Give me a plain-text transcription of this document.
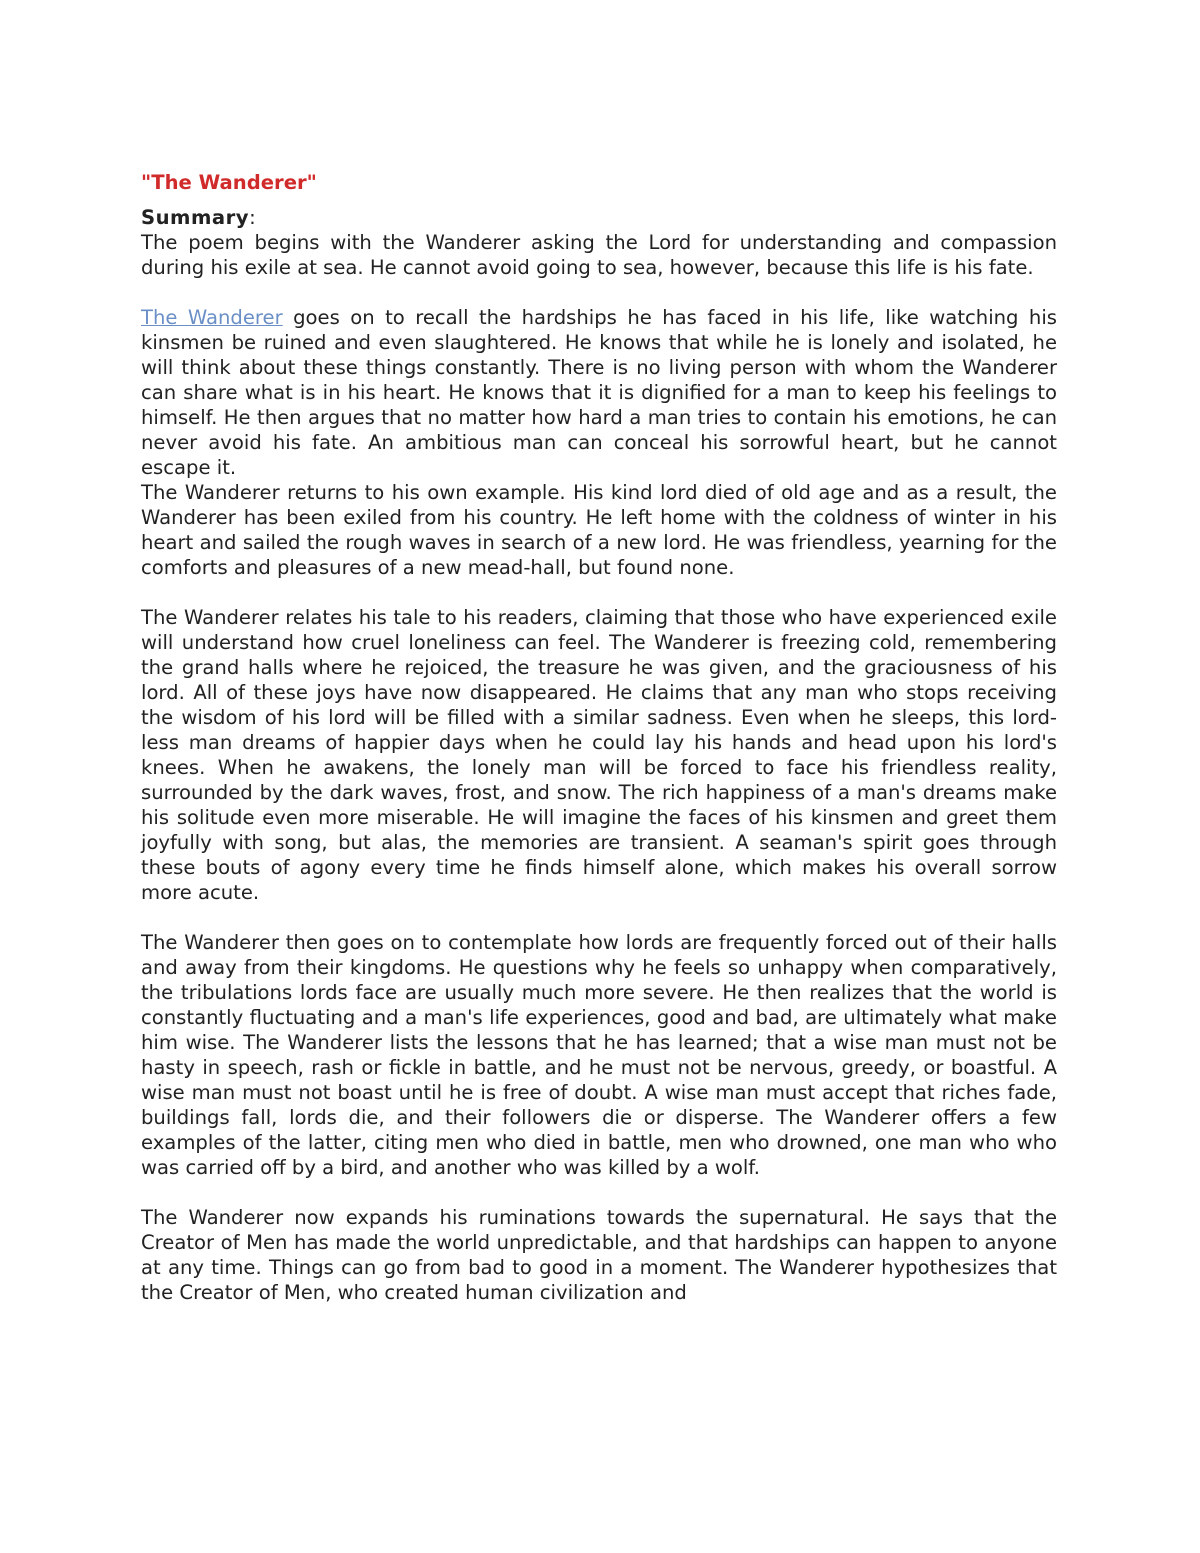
"The Wanderer"
Summary:

The poem begins with the Wanderer asking the Lord for understanding and compassion during his exile at sea. He cannot avoid going to sea, however, because this life is his fate.

The Wanderer goes on to recall the hardships he has faced in his life, like watching his kinsmen be ruined and even slaughtered. He knows that while he is lonely and isolated, he will think about these things constantly. There is no living person with whom the Wanderer can share what is in his heart. He knows that it is dignified for a man to keep his feelings to himself. He then argues that no matter how hard a man tries to contain his emotions, he can never avoid his fate. An ambitious man can conceal his sorrowful heart, but he cannot escape it.

The Wanderer returns to his own example. His kind lord died of old age and as a result, the Wanderer has been exiled from his country. He left home with the coldness of winter in his heart and sailed the rough waves in search of a new lord. He was friendless, yearning for the comforts and pleasures of a new mead-hall, but found none.

The Wanderer relates his tale to his readers, claiming that those who have experienced exile will understand how cruel loneliness can feel. The Wanderer is freezing cold, remembering the grand halls where he rejoiced, the treasure he was given, and the graciousness of his lord. All of these joys have now disappeared. He claims that any man who stops receiving the wisdom of his lord will be filled with a similar sadness. Even when he sleeps, this lord-less man dreams of happier days when he could lay his hands and head upon his lord's knees. When he awakens, the lonely man will be forced to face his friendless reality, surrounded by the dark waves, frost, and snow. The rich happiness of a man's dreams make his solitude even more miserable. He will imagine the faces of his kinsmen and greet them joyfully with song, but alas, the memories are transient. A seaman's spirit goes through these bouts of agony every time he finds himself alone, which makes his overall sorrow more acute.

The Wanderer then goes on to contemplate how lords are frequently forced out of their halls and away from their kingdoms. He questions why he feels so unhappy when comparatively, the tribulations lords face are usually much more severe. He then realizes that the world is constantly fluctuating and a man's life experiences, good and bad, are ultimately what make him wise. The Wanderer lists the lessons that he has learned; that a wise man must not be hasty in speech, rash or fickle in battle, and he must not be nervous, greedy, or boastful. A wise man must not boast until he is free of doubt. A wise man must accept that riches fade, buildings fall, lords die, and their followers die or disperse. The Wanderer offers a few examples of the latter, citing men who died in battle, men who drowned, one man who who was carried off by a bird, and another who was killed by a wolf.

The Wanderer now expands his ruminations towards the supernatural. He says that the Creator of Men has made the world unpredictable, and that hardships can happen to anyone at any time. Things can go from bad to good in a moment. The Wanderer hypothesizes that the Creator of Men, who created human civilization and
